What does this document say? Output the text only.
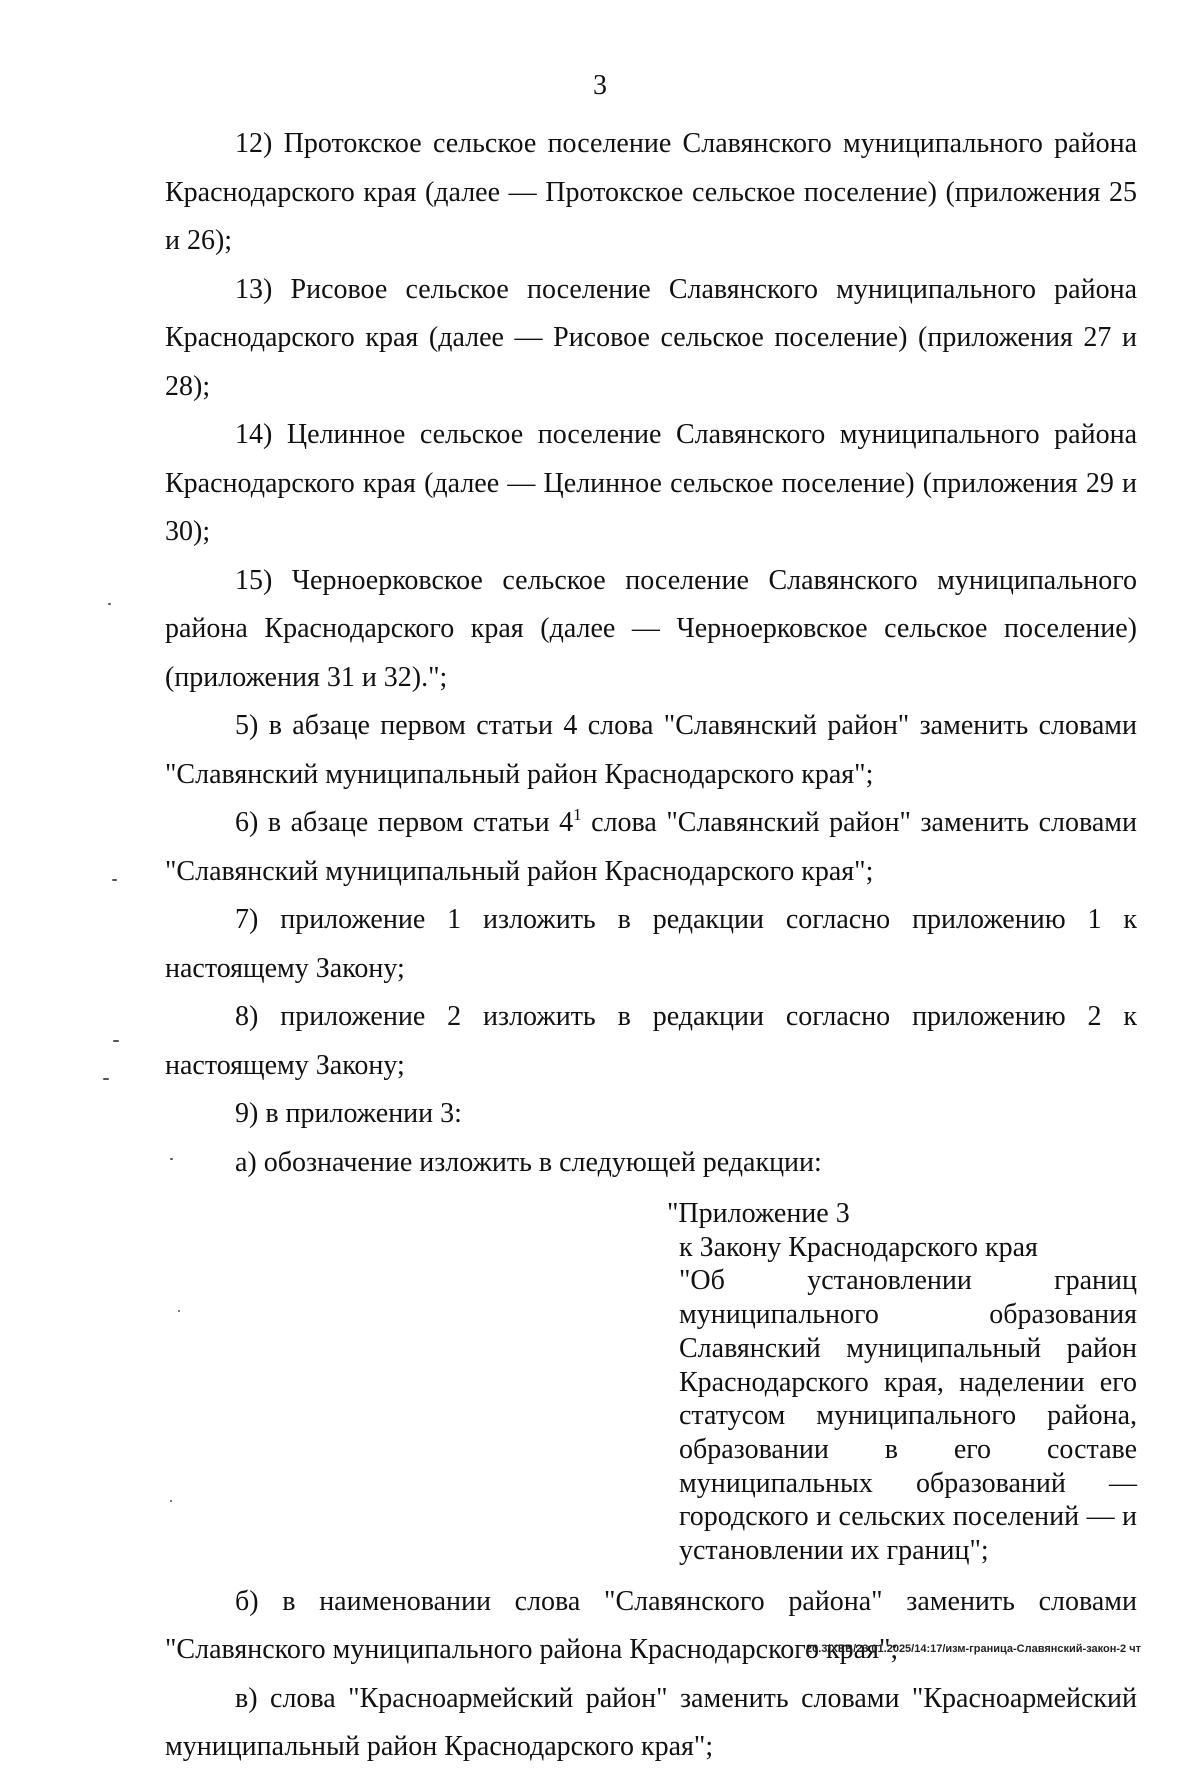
3

12) Протокское сельское поселение Славянского муниципального района Краснодарского края (далее — Протокское сельское поселение) (приложения 25 и 26);

13) Рисовое сельское поселение Славянского муниципального района Краснодарского края (далее — Рисовое сельское поселение) (приложения 27 и 28);

14) Целинное сельское поселение Славянского муниципального района Краснодарского края (далее — Целинное сельское поселение) (приложения 29 и 30);

15) Черноерковское сельское поселение Славянского муниципального района Краснодарского края (далее — Черноерковское сельское поселение) (приложения 31 и 32).";

5) в абзаце первом статьи 4 слова "Славянский район" заменить словами "Славянский муниципальный район Краснодарского края";

6) в абзаце первом статьи $4^1$ слова "Славянский район" заменить словами "Славянский муниципальный район Краснодарского края";

7) приложение 1 изложить в редакции согласно приложению 1 к настоящему Закону;

8) приложение 2 изложить в редакции согласно приложению 2 к настоящему Закону;

9) в приложении 3:

а) обозначение изложить в следующей редакции:

"Приложение 3
к Закону Краснодарского края
"Об установлении границ муниципального образования Славянский муниципальный район Краснодарского края, наделении его статусом муниципального района, образовании в его составе муниципальных образований — городского и сельских поселений — и установлении их границ";

б) в наименовании слова "Славянского района" заменить словами "Славянского муниципального района Краснодарского края";

в) слова "Красноармейский район" заменить словами "Красноармейский муниципальный район Краснодарского края";

20.3/ХЕВ/23.01.2025/14:17/изм-граница-Славянский-закон-2 чт
